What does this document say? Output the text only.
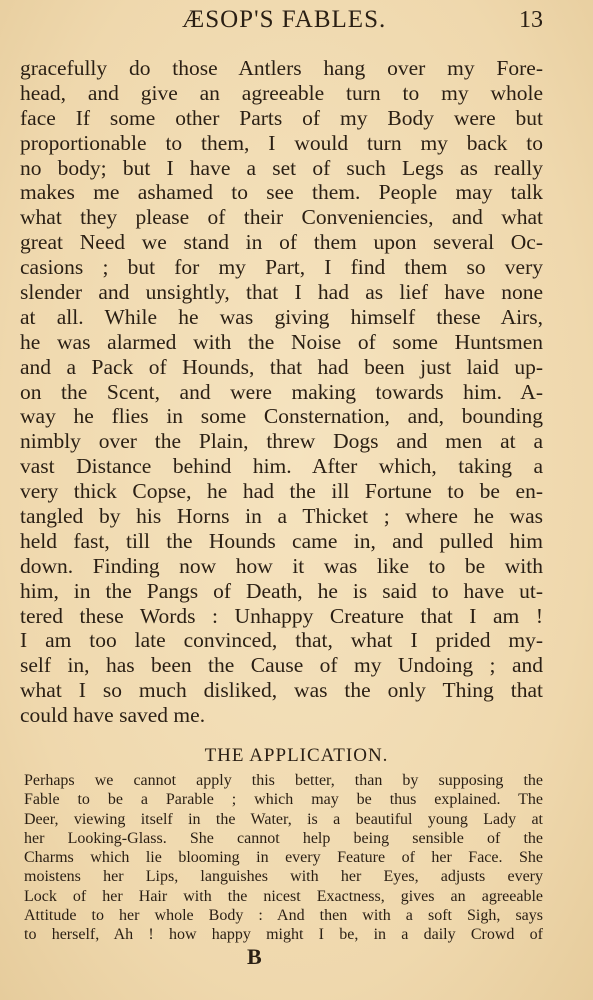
ÆSOP'S FABLES.	13
gracefully do those Antlers hang over my Fore-
head, and give an agreeable turn to my whole
face If some other Parts of my Body were but
proportionable to them, I would turn my back to
no body; but I have a set of such Legs as really
makes me ashamed to see them. People may talk
what they please of their Conveniencies, and what
great Need we stand in of them upon several Oc-
casions ; but for my Part, I find them so very
slender and unsightly, that I had as lief have none
at all. While he was giving himself these Airs,
he was alarmed with the Noise of some Huntsmen
and a Pack of Hounds, that had been just laid up-
on the Scent, and were making towards him. A-
way he flies in some Consternation, and, bounding
nimbly over the Plain, threw Dogs and men at a
vast Distance behind him. After which, taking a
very thick Copse, he had the ill Fortune to be en-
tangled by his Horns in a Thicket ; where he was
held fast, till the Hounds came in, and pulled him
down. Finding now how it was like to be with
him, in the Pangs of Death, he is said to have ut-
tered these Words : Unhappy Creature that I am !
I am too late convinced, that, what I prided my-
self in, has been the Cause of my Undoing ; and
what I so much disliked, was the only Thing that
could have saved me.
THE APPLICATION.
Perhaps we cannot apply this better, than by supposing the
Fable to be a Parable ; which may be thus explained. The
Deer, viewing itself in the Water, is a beautiful young Lady at
her Looking-Glass. She cannot help being sensible of the
Charms which lie blooming in every Feature of her Face. She
moistens her Lips, languishes with her Eyes, adjusts every
Lock of her Hair with the nicest Exactness, gives an agreeable
Attitude to her whole Body : And then with a soft Sigh, says
to herself, Ah ! how happy might I be, in a daily Crowd of
B
